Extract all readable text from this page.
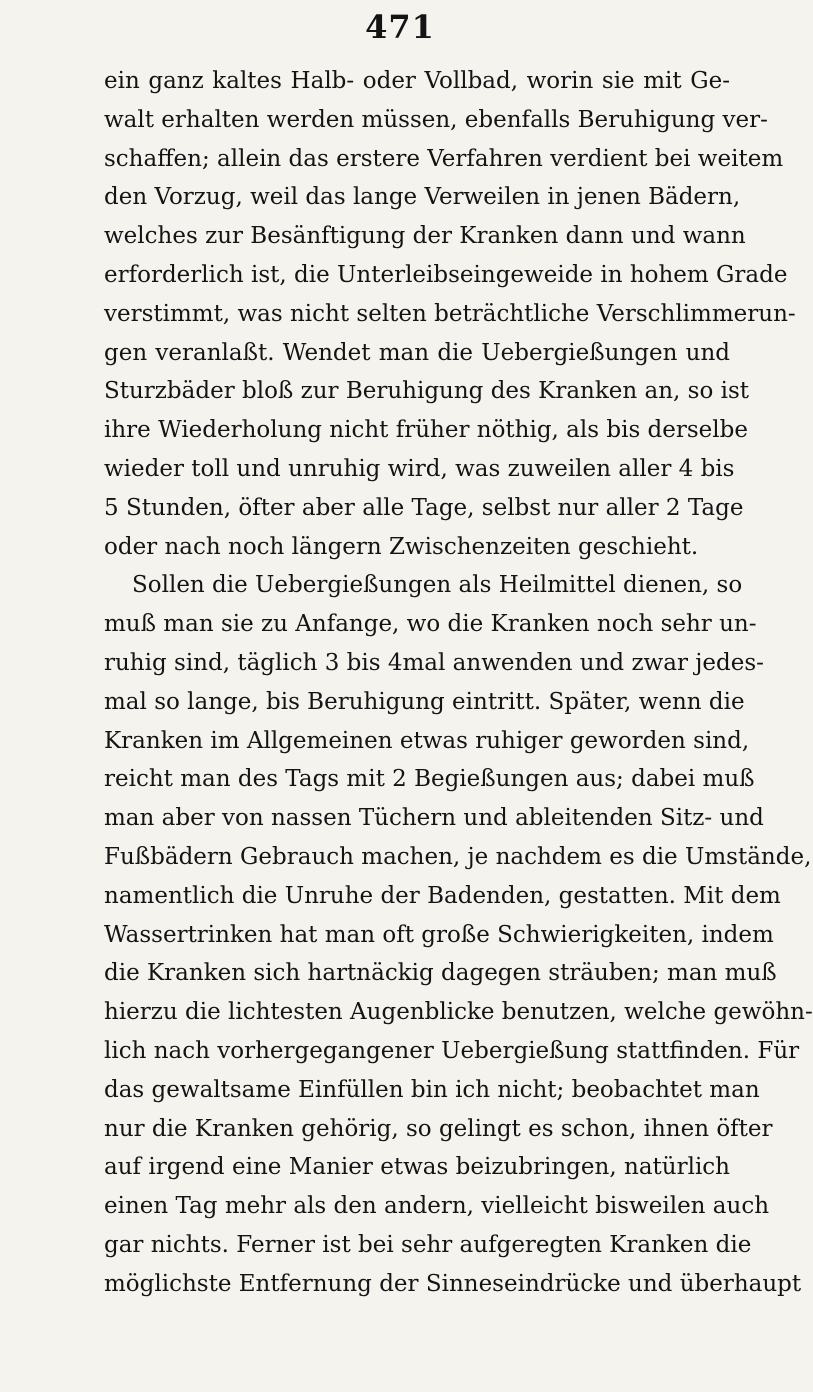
471
ein ganz kaltes Halb- oder Vollbad, worin sie mit Ge-
walt erhalten werden müssen, ebenfalls Beruhigung ver-
schaffen; allein das erstere Verfahren verdient bei weitem
den Vorzug, weil das lange Verweilen in jenen Bädern,
welches zur Besänftigung der Kranken dann und wann
erforderlich ist, die Unterleibseingeweide in hohem Grade
verstimmt, was nicht selten beträchtliche Verschlimmerun-
gen veranlaßt. Wendet man die Uebergießungen und
Sturzbäder bloß zur Beruhigung des Kranken an, so ist
ihre Wiederholung nicht früher nöthig, als bis derselbe
wieder toll und unruhig wird, was zuweilen aller 4 bis
5 Stunden, öfter aber alle Tage, selbst nur aller 2 Tage
oder nach noch längern Zwischenzeiten geschieht.
Sollen die Uebergießungen als Heilmittel dienen, so
muß man sie zu Anfange, wo die Kranken noch sehr un-
ruhig sind, täglich 3 bis 4mal anwenden und zwar jedes-
mal so lange, bis Beruhigung eintritt. Später, wenn die
Kranken im Allgemeinen etwas ruhiger geworden sind,
reicht man des Tags mit 2 Begießungen aus; dabei muß
man aber von nassen Tüchern und ableitenden Sitz- und
Fußbädern Gebrauch machen, je nachdem es die Umstände,
namentlich die Unruhe der Badenden, gestatten. Mit dem
Wassertrinken hat man oft große Schwierigkeiten, indem
die Kranken sich hartnäckig dagegen sträuben; man muß
hierzu die lichtesten Augenblicke benutzen, welche gewöhn-
lich nach vorhergegangener Uebergießung stattfinden. Für
das gewaltsame Einfüllen bin ich nicht; beobachtet man
nur die Kranken gehörig, so gelingt es schon, ihnen öfter
auf irgend eine Manier etwas beizubringen, natürlich
einen Tag mehr als den andern, vielleicht bisweilen auch
gar nichts. Ferner ist bei sehr aufgeregten Kranken die
möglichste Entfernung der Sinneseindrücke und überhaupt
